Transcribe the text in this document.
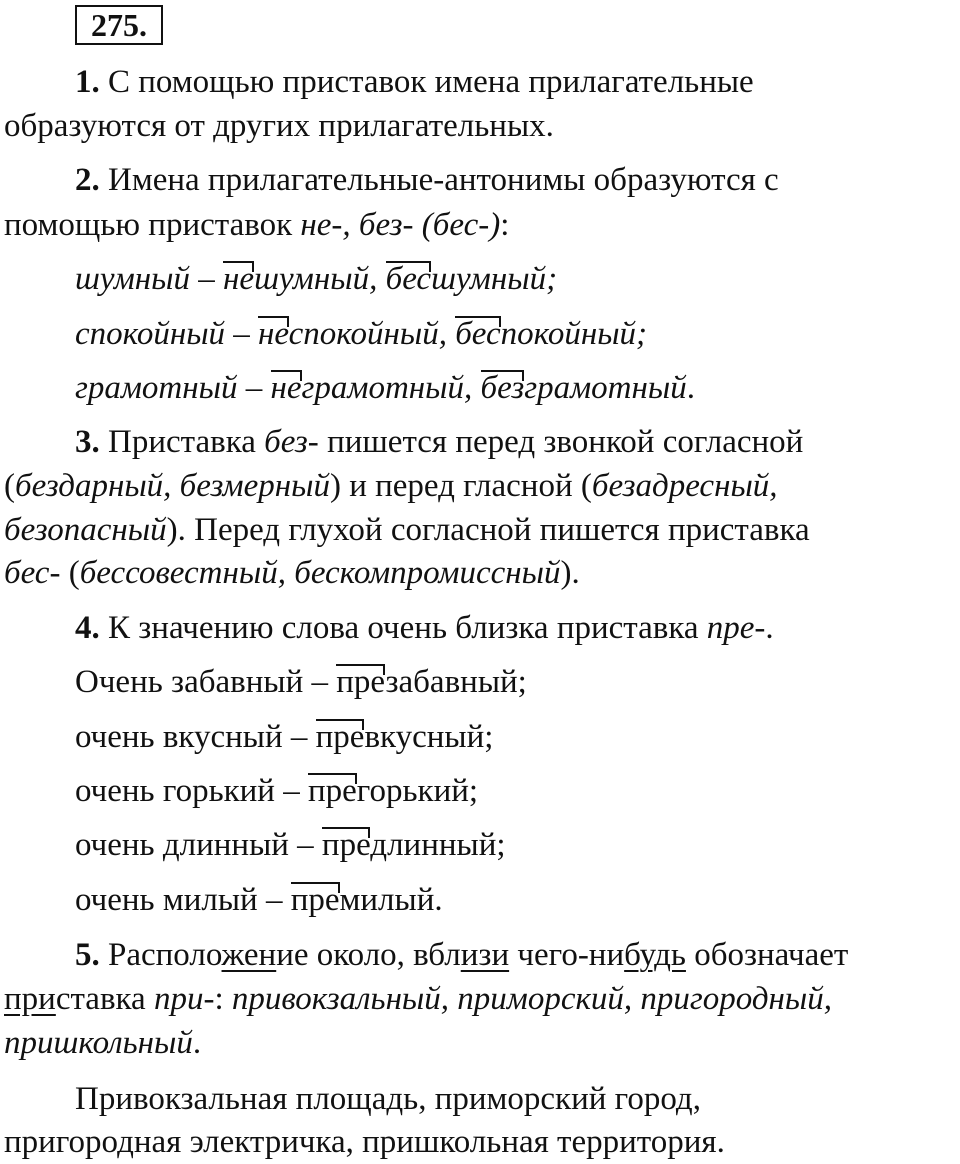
275.
1. С помощью приставок имена прилагательные
образуются от других прилагательных.
2. Имена прилагательные-антонимы образуются с
помощью приставок не-, без- (бес-):
шумный – нешумный, бесшумный;
спокойный – неспокойный, беспокойный;
грамотный – неграмотный, безграмотный.
3. Приставка без- пишется перед звонкой согласной
(бездарный, безмерный) и перед гласной (безадресный,
безопасный). Перед глухой согласной пишется приставка
бес- (бессовестный, бескомпромиссный).
4. К значению слова очень близка приставка пре-.
Очень забавный – презабавный;
очень вкусный – превкусный;
очень горький – прегорький;
очень длинный – предлинный;
очень милый – премилый.
5. Расположение около, вблизи чего-нибудь обозначает
приставка при-: привокзальный, приморский, пригородный,
пришкольный.
Привокзальная площадь, приморский город,
пригородная электричка, пришкольная территория.
